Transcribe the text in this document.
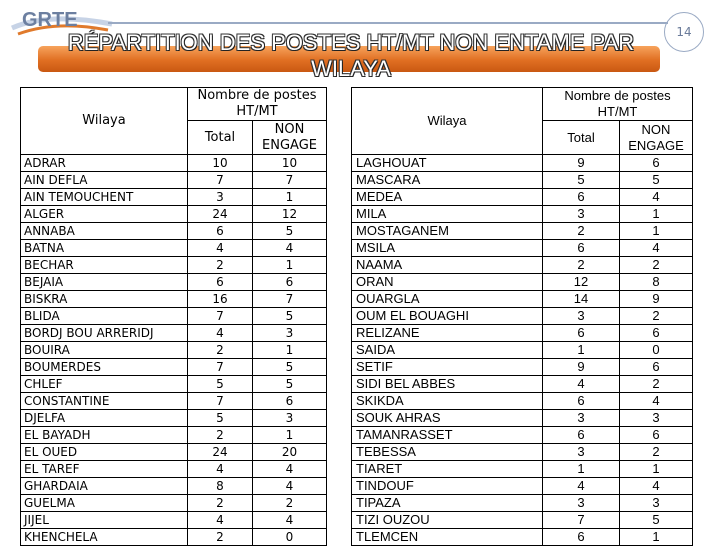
GRTE
14
RÉPARTITION DES POSTES HT/MT NON ENTAME PAR WILAYA
Wilaya	Nombre de postes HT/MT	
	Total	NON ENGAGE
ADRAR	10	10
AIN DEFLA	7	7
AIN TEMOUCHENT	3	1
ALGER	24	12
ANNABA	6	5
BATNA	4	4
BECHAR	2	1
BEJAIA	6	6
BISKRA	16	7
BLIDA	7	5
BORDJ BOU ARRERIDJ	4	3
BOUIRA	2	1
BOUMERDES	7	5
CHLEF	5	5
CONSTANTINE	7	6
DJELFA	5	3
EL BAYADH	2	1
EL OUED	24	20
EL TAREF	4	4
GHARDAIA	8	4
GUELMA	2	2
JIJEL	4	4
KHENCHELA	2	0
Wilaya	Nombre de postes HT/MT	
	Total	NON ENGAGE
LAGHOUAT	9	6
MASCARA	5	5
MEDEA	6	4
MILA	3	1
MOSTAGANEM	2	1
MSILA	6	4
NAAMA	2	2
ORAN	12	8
OUARGLA	14	9
OUM EL BOUAGHI	3	2
RELIZANE	6	6
SAIDA	1	0
SETIF	9	6
SIDI BEL ABBES	4	2
SKIKDA	6	4
SOUK AHRAS	3	3
TAMANRASSET	6	6
TEBESSA	3	2
TIARET	1	1
TINDOUF	4	4
TIPAZA	3	3
TIZI OUZOU	7	5
TLEMCEN	6	1
